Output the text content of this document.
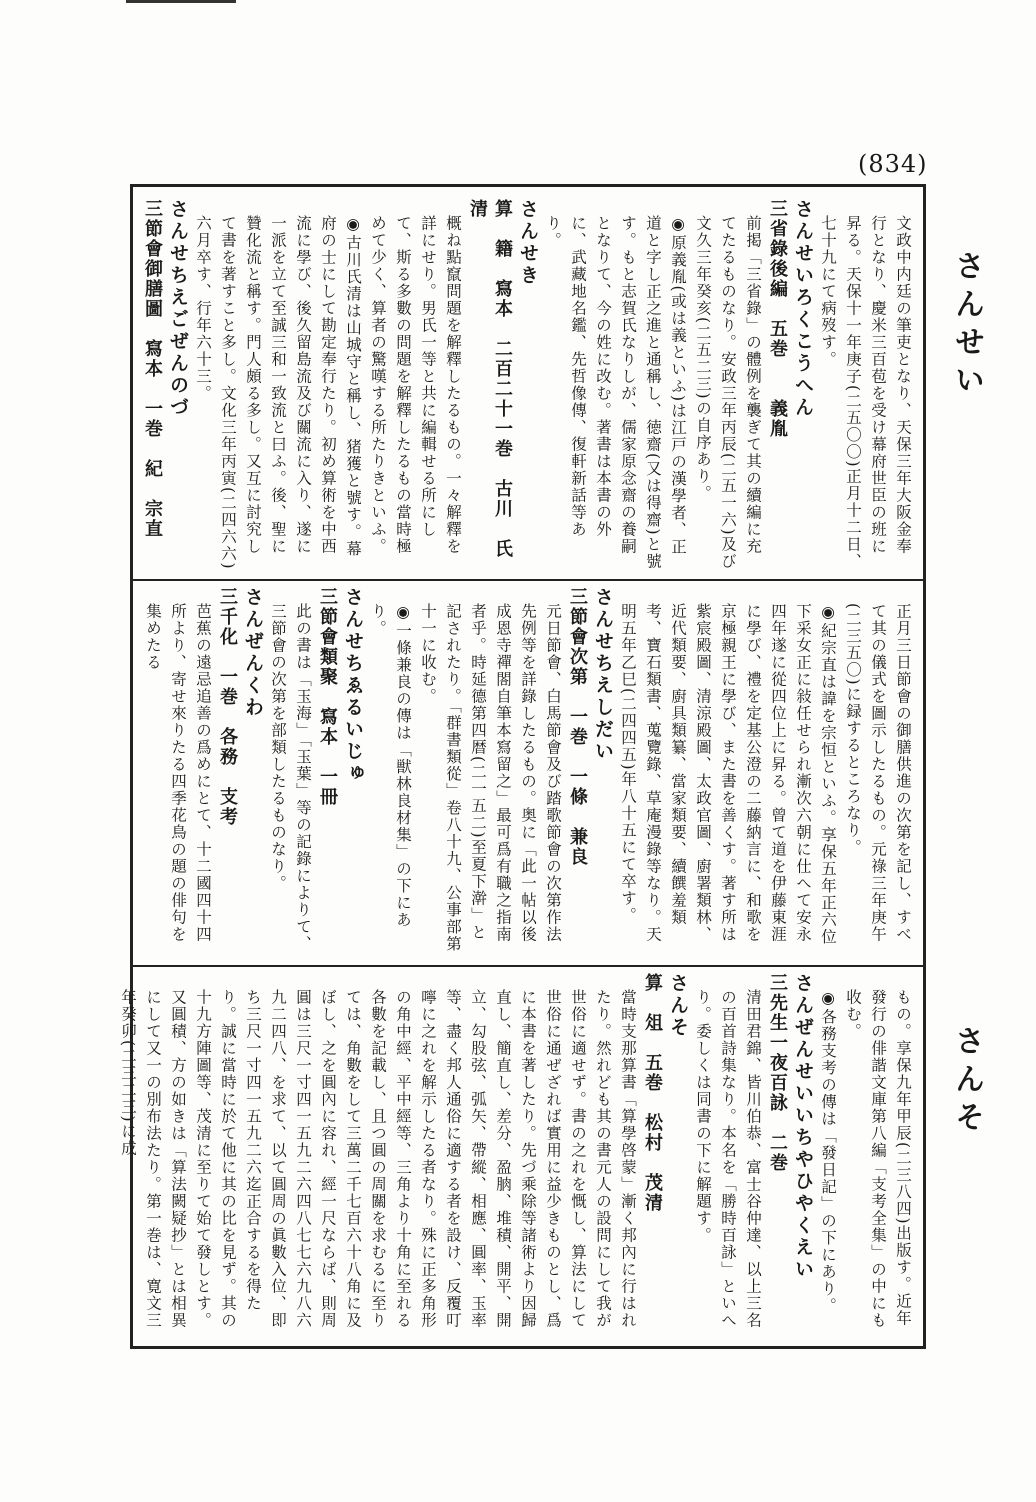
(834)
さんせい
さんそ

文政中内廷の筆吏となり、天保三年大阪金奉行となり、慶米三百苞を受け幕府世臣の班に昇る。天保十一年庚子(二五〇〇)正月十二日、七十九にて病歿す。

さんせいろくこうへん

三省錄後編　五巻　　義胤

前掲「三省錄」の體例を襲ぎて其の續編に充てたるものなり。安政三年丙辰(二五一六)及び文久三年癸亥(二五二三)の自序あり。

◉原義胤(或は義といふ)は江戸の漢學者、正道と字し正之進と通稱し、徳齋(又は得齋)と號す。もと志賀氏なりしが、儒家原念齋の養嗣となりて、今の姓に改む。著書は本書の外に、武藏地名鑑、先哲像傳、復軒新話等あり。

さんせき

算　籍　寫本　二百二十一巻　古川　氏清

概ね點竄問題を解釋したるもの。一々解釋を詳にせり。男氏一等と共に編輯せる所にして、斯る多數の問題を解釋したるもの當時極めて少く、算者の驚嘆する所たりきといふ。

◉古川氏清は山城守と稱し、猪獲と號す。幕府の士にして勘定奉行たり。初め算術を中西流に學び、後久留島流及び關流に入り、遂に一派を立て至誠三和一致流と曰ふ。後、聖に贊化流と稱す。門人頗る多し。又互に討究して書を著すこと多し。文化三年丙寅(二四六六)六月卒す、行年六十三。

さんせちえごぜんのづ

三節會御膳圖　寫本　一巻　紀　宗直

正月三日節會の御膳供進の次第を記し、すべて其の儀式を圖示したるもの。元祿三年庚午(二三五〇)に録するところなり。

◉紀宗直は諱を宗恒といふ。享保五年正六位下采女正に敍任せられ漸次六朝に仕へて安永四年遂に從四位上に昇る。曾て道を伊藤東涯に學び、禮を定基公澄の二藤納言に、和歌を京極親王に學び、また書を善くす。著す所は紫宸殿圖、清涼殿圖、太政官圖、廚署類林、近代類要、廚具類纂、當家類要、續饌羞類考、寶石類書、蒐覽錄、草庵漫錄等なり。天明五年乙巳(二四四五)年八十五にて卒す。

さんせちえしだい

三節會次第　一巻　一條　兼良

元日節會、白馬節會及び踏歌節會の次第作法先例等を詳錄したるもの。奥に「此一帖以後成恩寺禪閤自筆本寫留之」最可爲有職之指南者乎。時延德第四暦(二一五二)至夏下澣」と記されたり。「群書類從」卷八十九、公事部第十一に收む。

◉一條兼良の傳は「獣林良材集」の下にあり。

さんせちゑるいじゅ

三節會類聚　寫本　一冊

此の書は「玉海」「玉葉」等の記錄によりて、三節會の次第を部類したるものなり。

さんぜんくわ

三千化　一巻　各務　支考

芭蕉の遠忌追善の爲めにとて、十二國四十四所より、寄せ來りたる四季花鳥の題の俳句を集めたる

もの。享保九年甲辰(二三八四)出版す。近年發行の俳諧文庫第八編「支考全集」の中にも收む。

◉各務支考の傳は「發日記」の下にあり。

さんぜんせいいちやひやくえい

三先生一夜百詠　二巻

清田君錦、皆川伯恭、富士谷仲達、以上三名の百首詩集なり。本名を「勝時百詠」といへり。委しくは同書の下に解題す。

さんそ

算　俎　五巻　松村　茂清

當時支那算書「算學啓蒙」漸く邦內に行はれたり。然れども其の書元人の設問にして我が世俗に適せず。書の之れを慨し、算法にして世俗に通ぜざれば實用に益少きものとし、爲に本書を著したり。先づ乘除等諸術より因歸直し、簡直し、差分、盈朒、堆積、開平、開立、勾股弦、弧矢、帶縱、相應、圓率、玉率等、盡く邦人通俗に適する者を設け、反覆叮嚀に之れを解示したる者なり。殊に正多角形の角中經、平中經等、三角より十角に至れる各數を記載し、且つ圓の周關を求むるに至りては、角數をして三萬二千七百六十八角に及ぼし、之を圓內に容れ、經一尺ならば、則周圓は三尺一寸四一五九二六四八七七六九八六九二四八、を求て、以て圓周の眞數入位、即ち三尺一寸四一五九二六迄正合するを得たり。誠に當時に於て他に其の比を見ず。其の十九方陣圖等、茂清に至りて始て發しとす。又圓積、方の如きは「算法闕疑抄」とは相異にして又一の別布法たり。第一巻は、寛文三年癸卯(二三二三)に成
